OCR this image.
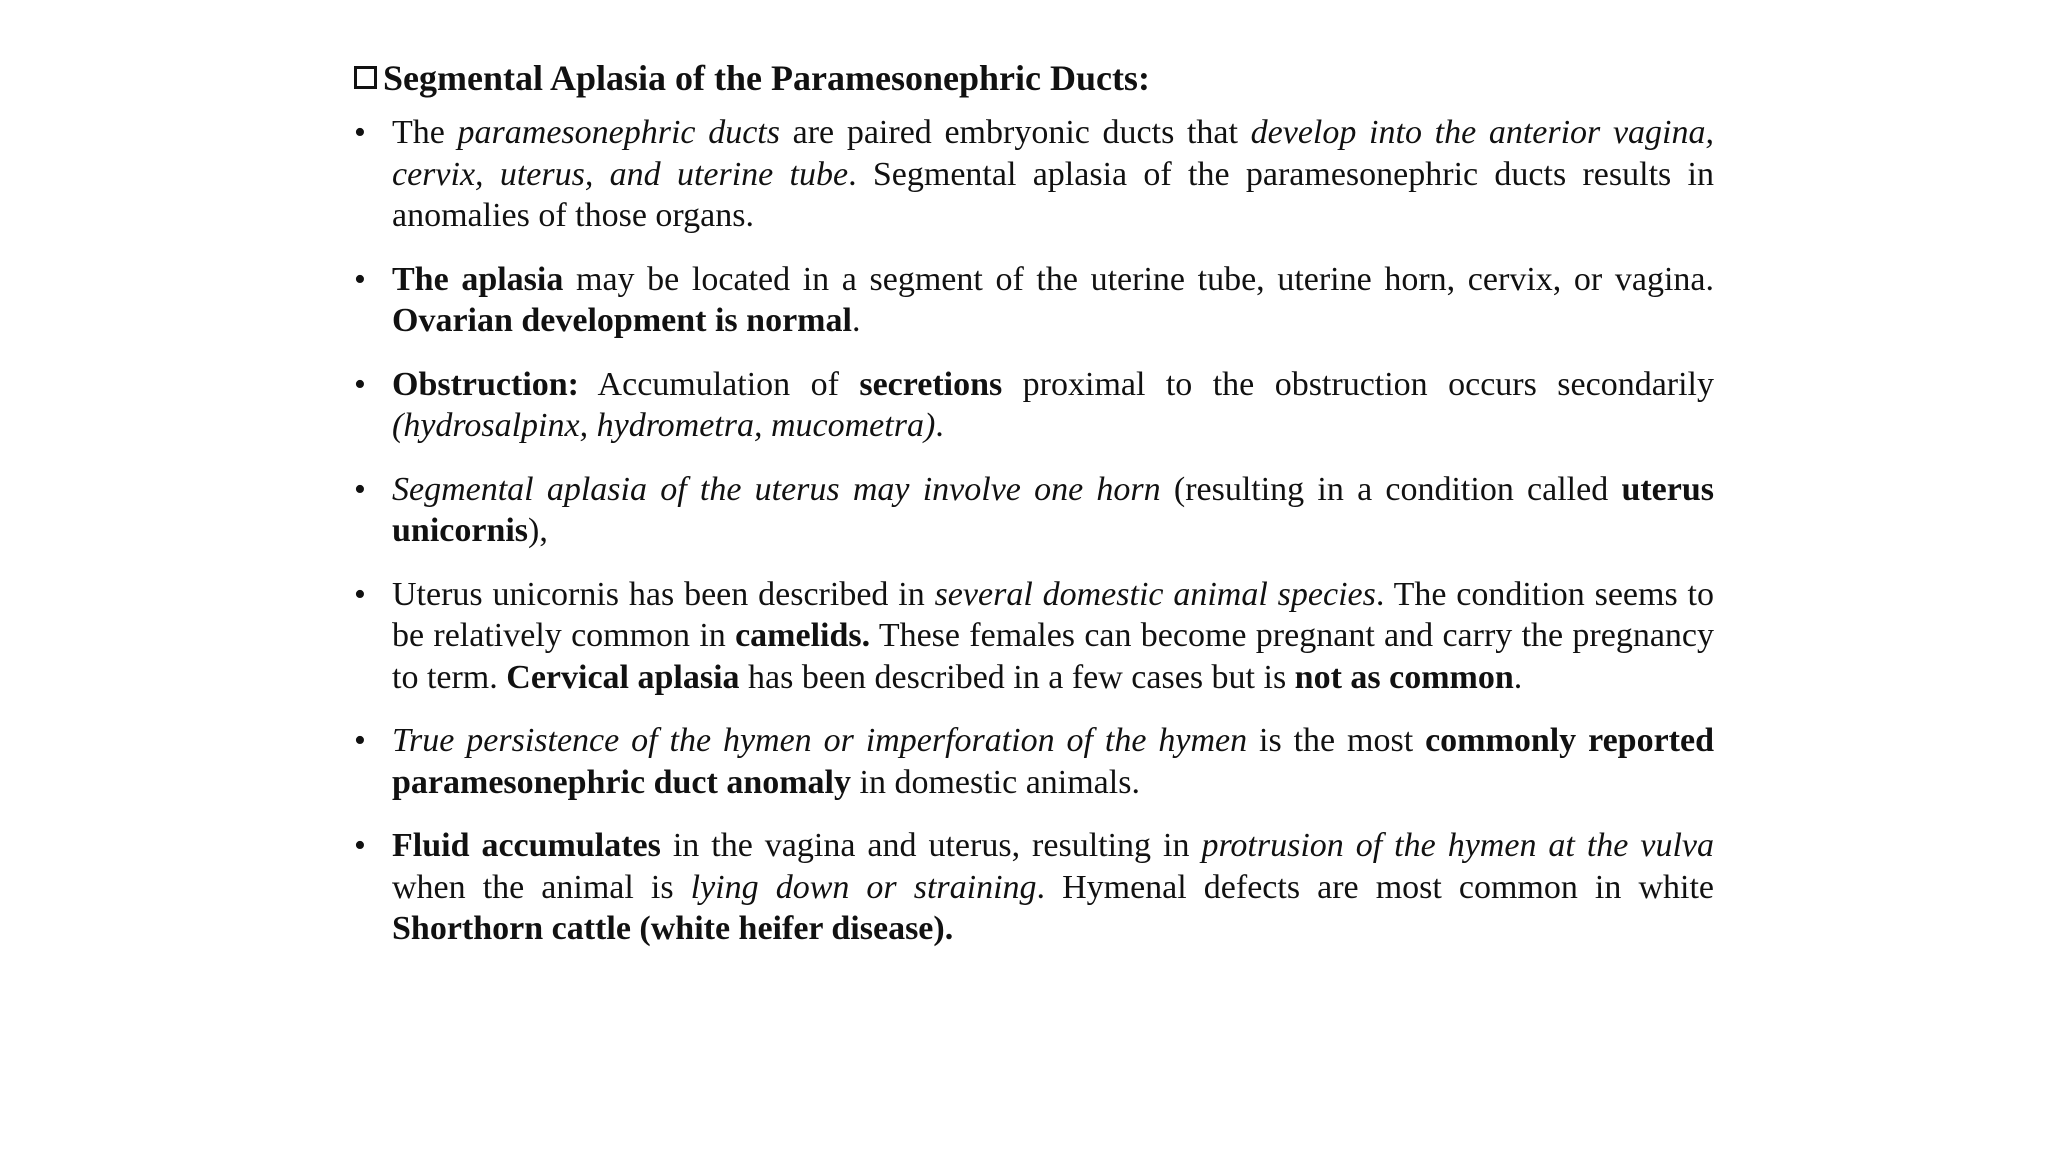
Segmental Aplasia of the Paramesonephric Ducts:
• The paramesonephric ducts are paired embryonic ducts that develop into the anterior vagina, cervix, uterus, and uterine tube. Segmental aplasia of the paramesonephric ducts results in anomalies of those organs.
• The aplasia may be located in a segment of the uterine tube, uterine horn, cervix, or vagina. Ovarian development is normal.
• Obstruction: Accumulation of secretions proximal to the obstruction occurs secondarily (hydrosalpinx, hydrometra, mucometra).
• Segmental aplasia of the uterus may involve one horn (resulting in a condition called uterus unicornis),
• Uterus unicornis has been described in several domestic animal species. The condition seems to be relatively common in camelids. These females can become pregnant and carry the pregnancy to term. Cervical aplasia has been described in a few cases but is not as common.
• True persistence of the hymen or imperforation of the hymen is the most commonly reported paramesonephric duct anomaly in domestic animals.
• Fluid accumulates in the vagina and uterus, resulting in protrusion of the hymen at the vulva when the animal is lying down or straining. Hymenal defects are most common in white Shorthorn cattle (white heifer disease).
